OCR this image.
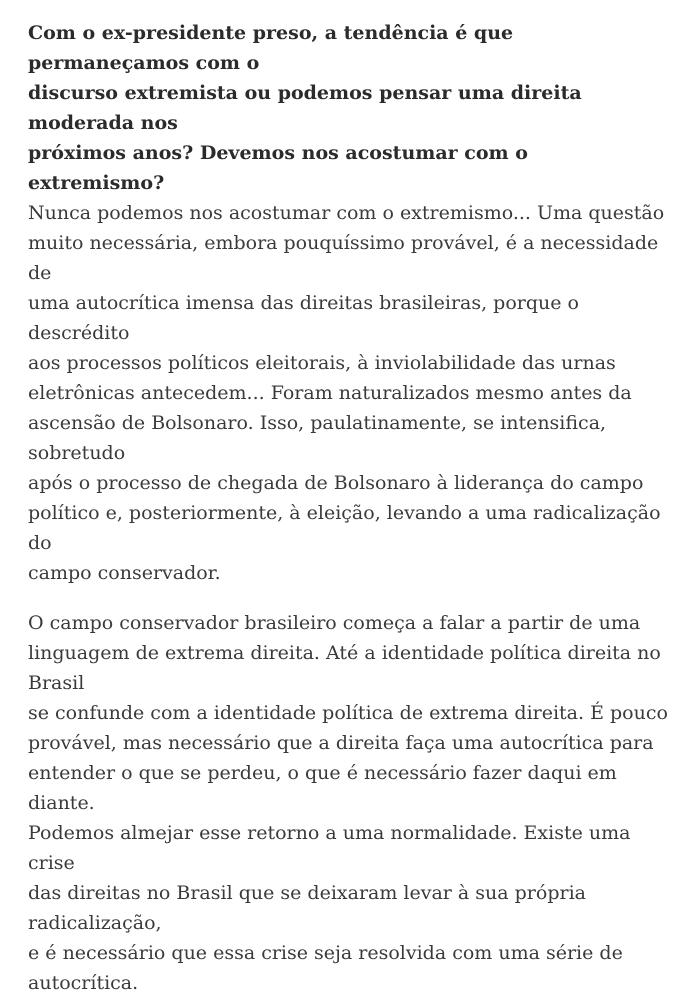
Com o ex-presidente preso, a tendência é que permaneçamos com o
discurso extremista ou podemos pensar uma direita moderada nos
próximos anos? Devemos nos acostumar com o extremismo?

Nunca podemos nos acostumar com o extremismo... Uma questão
muito necessária, embora pouquíssimo provável, é a necessidade de
uma autocrítica imensa das direitas brasileiras, porque o descrédito
aos processos políticos eleitorais, à inviolabilidade das urnas
eletrônicas antecedem... Foram naturalizados mesmo antes da
ascensão de Bolsonaro. Isso, paulatinamente, se intensifica, sobretudo
após o processo de chegada de Bolsonaro à liderança do campo
político e, posteriormente, à eleição, levando a uma radicalização do
campo conservador.

O campo conservador brasileiro começa a falar a partir de uma
linguagem de extrema direita. Até a identidade política direita no Brasil
se confunde com a identidade política de extrema direita. É pouco
provável, mas necessário que a direita faça uma autocrítica para
entender o que se perdeu, o que é necessário fazer daqui em diante.
Podemos almejar esse retorno a uma normalidade. Existe uma crise
das direitas no Brasil que se deixaram levar à sua própria radicalização,
e é necessário que essa crise seja resolvida com uma série de
autocrítica.
